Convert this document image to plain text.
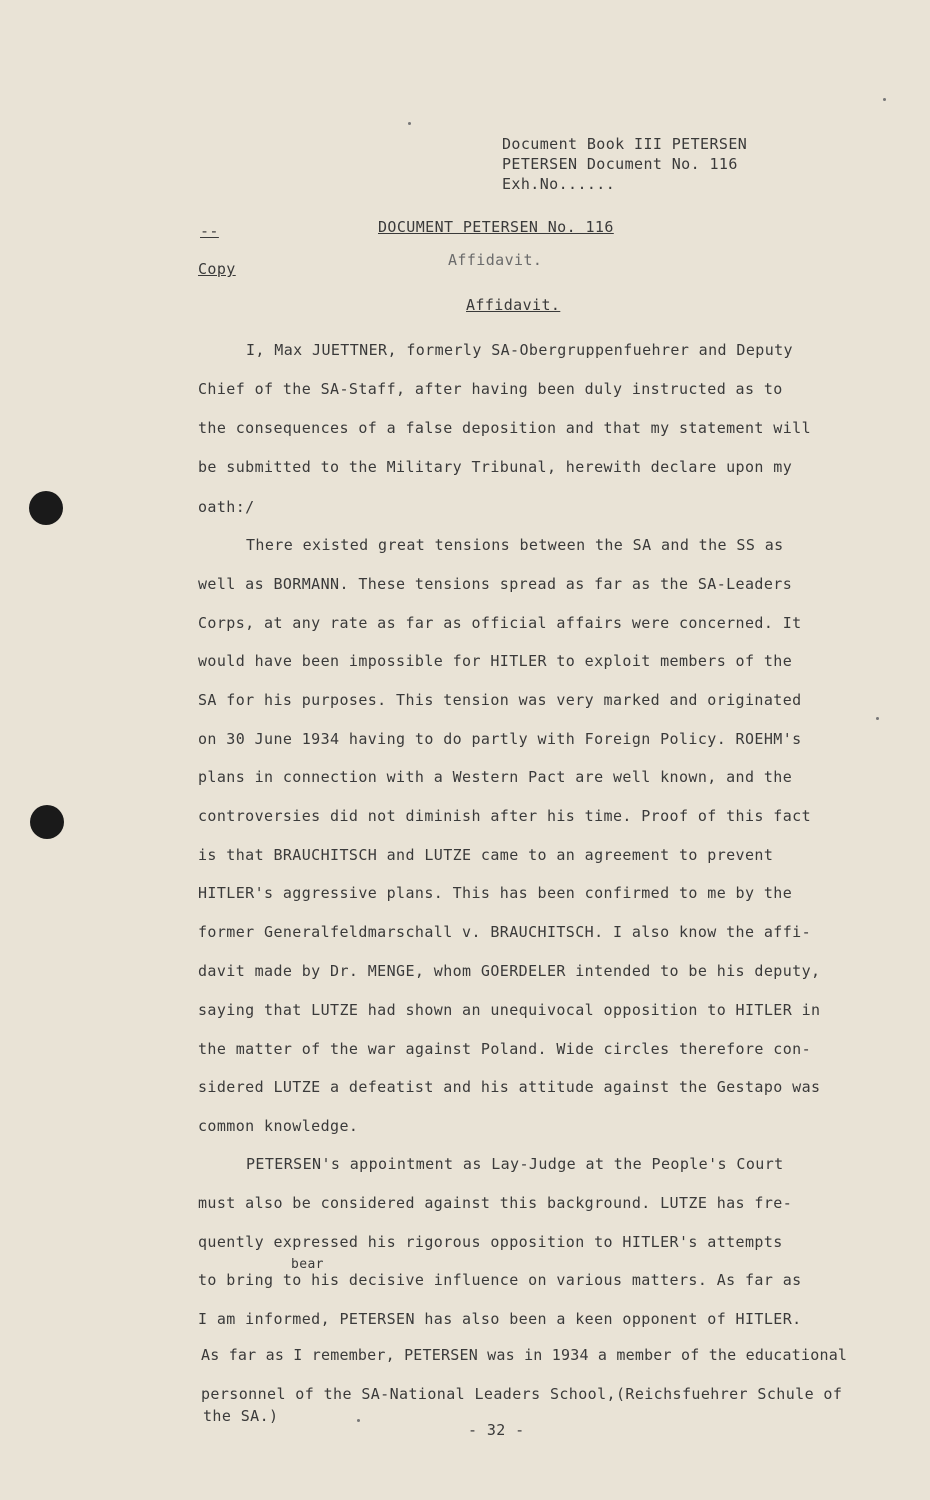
Document Book III PETERSEN
PETERSEN Document No. 116
Exh.No......
--	DOCUMENT PETERSEN No. 116
Copy	Affidavit.
Affidavit.
I, Max JUETTNER, formerly SA-Obergruppenfuehrer and Deputy
Chief of the SA-Staff, after having been duly instructed as to
the consequences of a false deposition and that my statement will
be submitted to the Military Tribunal, herewith declare upon my
oath:/
There existed great tensions between the SA and the SS as
well as BORMANN. These tensions spread as far as the SA-Leaders
Corps, at any rate as far as official affairs were concerned. It
would have been impossible for HITLER to exploit members of the
SA for his purposes. This tension was very marked and originated
on 30 June 1934 having to do partly with Foreign Policy. ROEHM's
plans in connection with a Western Pact are well known, and the
controversies did not diminish after his time. Proof of this fact
is that BRAUCHITSCH and LUTZE came to an agreement to prevent
HITLER's aggressive plans. This has been confirmed to me by the
former Generalfeldmarschall v. BRAUCHITSCH. I also know the affi-
davit made by Dr. MENGE, whom GOERDELER intended to be his deputy,
saying that LUTZE had shown an unequivocal opposition to HITLER in
the matter of the war against Poland. Wide circles therefore con-
sidered LUTZE a defeatist and his attitude against the Gestapo was
common knowledge.
PETERSEN's appointment as Lay-Judge at the People's Court
must also be considered against this background. LUTZE has fre-
quently expressed his rigorous opposition to HITLER's attempts
bear
to bring to his decisive influence on various matters. As far as
I am informed, PETERSEN has also been a keen opponent of HITLER.
As far as I remember, PETERSEN was in 1934 a member of the educational
personnel of the SA-National Leaders School,(Reichsfuehrer Schule of
the SA.)
- 32 -
